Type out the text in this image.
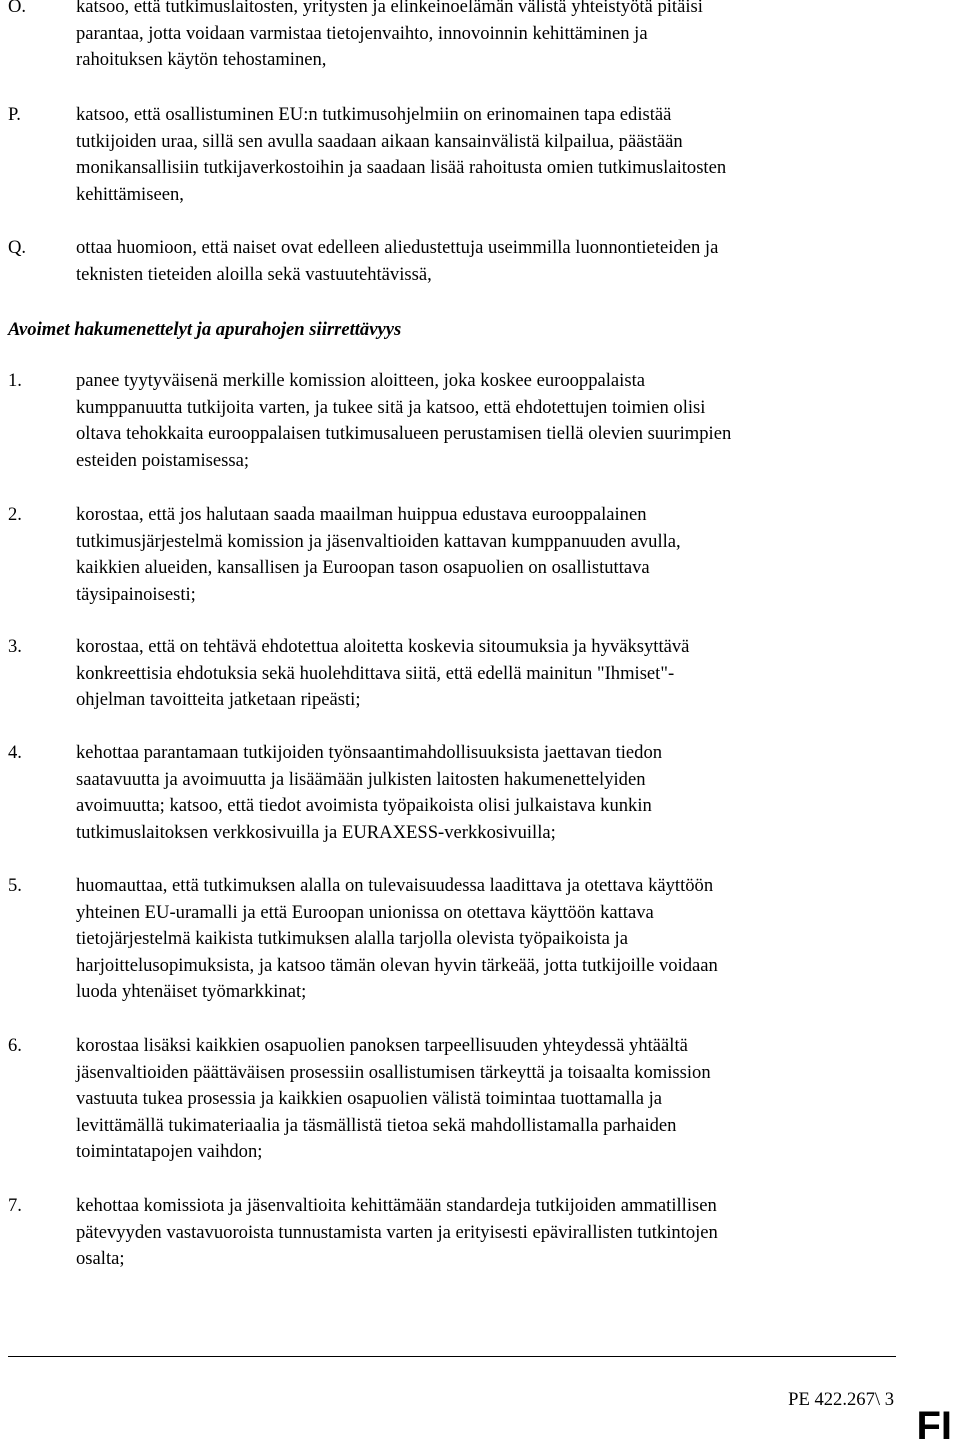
O.	katsoo, että tutkimuslaitosten, yritysten ja elinkeinoelämän välistä yhteistyötä pitäisi
parantaa, jotta voidaan varmistaa tietojenvaihto, innovoinnin kehittäminen ja
rahoituksen käytön tehostaminen,
P.	katsoo, että osallistuminen EU:n tutkimusohjelmiin on erinomainen tapa edistää
tutkijoiden uraa, sillä sen avulla saadaan aikaan kansainvälistä kilpailua, päästään
monikansallisiin tutkijaverkostoihin ja saadaan lisää rahoitusta omien tutkimuslaitosten
kehittämiseen,
Q.	ottaa huomioon, että naiset ovat edelleen aliedustettuja useimmilla luonnontieteiden ja
teknisten tieteiden aloilla sekä vastuutehtävissä,
Avoimet hakumenettelyt ja apurahojen siirrettävyys
1.	panee tyytyväisenä merkille komission aloitteen, joka koskee eurooppalaista
kumppanuutta tutkijoita varten, ja tukee sitä ja katsoo, että ehdotettujen toimien olisi
oltava tehokkaita eurooppalaisen tutkimusalueen perustamisen tiellä olevien suurimpien
esteiden poistamisessa;
2.	korostaa, että jos halutaan saada maailman huippua edustava eurooppalainen
tutkimusjärjestelmä komission ja jäsenvaltioiden kattavan kumppanuuden avulla,
kaikkien alueiden, kansallisen ja Euroopan tason osapuolien on osallistuttava
täysipainoisesti;
3.	korostaa, että on tehtävä ehdotettua aloitetta koskevia sitoumuksia ja hyväksyttävä
konkreettisia ehdotuksia sekä huolehdittava siitä, että edellä mainitun "Ihmiset"-
ohjelman tavoitteita jatketaan ripeästi;
4.	kehottaa parantamaan tutkijoiden työnsaantimahdollisuuksista jaettavan tiedon
saatavuutta ja avoimuutta ja lisäämään julkisten laitosten hakumenettelyiden
avoimuutta; katsoo, että tiedot avoimista työpaikoista olisi julkaistava kunkin
tutkimuslaitoksen verkkosivuilla ja EURAXESS-verkkosivuilla;
5.	huomauttaa, että tutkimuksen alalla on tulevaisuudessa laadittava ja otettava käyttöön
yhteinen EU-uramalli ja että Euroopan unionissa on otettava käyttöön kattava
tietojärjestelmä kaikista tutkimuksen alalla tarjolla olevista työpaikoista ja
harjoittelusopimuksista, ja katsoo tämän olevan hyvin tärkeää, jotta tutkijoille voidaan
luoda yhtenäiset työmarkkinat;
6.	korostaa lisäksi kaikkien osapuolien panoksen tarpeellisuuden yhteydessä yhtäältä
jäsenvaltioiden päättäväisen prosessiin osallistumisen tärkeyttä ja toisaalta komission
vastuuta tukea prosessia ja kaikkien osapuolien välistä toimintaa tuottamalla ja
levittämällä tukimateriaalia ja täsmällistä tietoa sekä mahdollistamalla parhaiden
toimintatapojen vaihdon;
7.	kehottaa komissiota ja jäsenvaltioita kehittämään standardeja tutkijoiden ammatillisen
pätevyyden vastavuoroista tunnustamista varten ja erityisesti epävirallisten tutkintojen
osalta;
PE 422.267\ 3
FI
